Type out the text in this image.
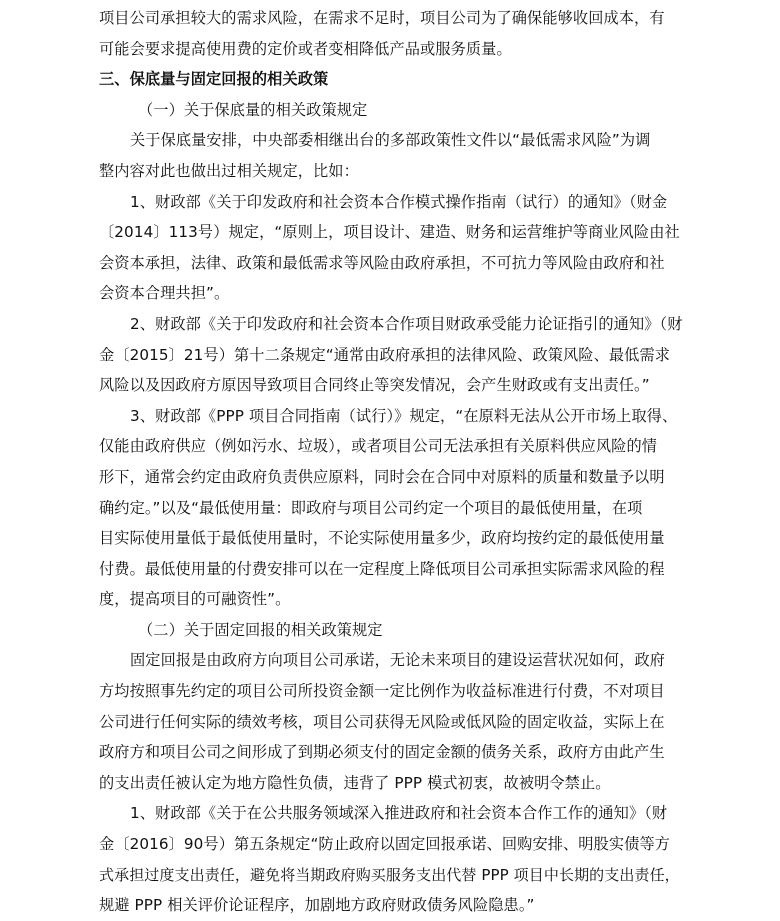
项目公司承担较大的需求风险，在需求不足时，项目公司为了确保能够收回成本，有
可能会要求提高使用费的定价或者变相降低产品或服务质量。
三、保底量与固定回报的相关政策
（一）关于保底量的相关政策规定
关于保底量安排，中央部委相继出台的多部政策性文件以“最低需求风险”为调
整内容对此也做出过相关规定，比如：
1、财政部《关于印发政府和社会资本合作模式操作指南（试行）的通知》（财金
〔2014〕113号）规定，“原则上，项目设计、建造、财务和运营维护等商业风险由社
会资本承担，法律、政策和最低需求等风险由政府承担，不可抗力等风险由政府和社
会资本合理共担”。
2、财政部《关于印发政府和社会资本合作项目财政承受能力论证指引的通知》（财
金〔2015〕21号）第十二条规定“通常由政府承担的法律风险、政策风险、最低需求
风险以及因政府方原因导致项目合同终止等突发情况，会产生财政或有支出责任。”
3、财政部《PPP 项目合同指南（试行）》规定，“在原料无法从公开市场上取得、
仅能由政府供应（例如污水、垃圾），或者项目公司无法承担有关原料供应风险的情
形下，通常会约定由政府负责供应原料，同时会在合同中对原料的质量和数量予以明
确约定。”以及“最低使用量：即政府与项目公司约定一个项目的最低使用量，在项
目实际使用量低于最低使用量时，不论实际使用量多少，政府均按约定的最低使用量
付费。最低使用量的付费安排可以在一定程度上降低项目公司承担实际需求风险的程
度，提高项目的可融资性”。
（二）关于固定回报的相关政策规定
固定回报是由政府方向项目公司承诺，无论未来项目的建设运营状况如何，政府
方均按照事先约定的项目公司所投资金额一定比例作为收益标准进行付费，不对项目
公司进行任何实际的绩效考核，项目公司获得无风险或低风险的固定收益，实际上在
政府方和项目公司之间形成了到期必须支付的固定金额的债务关系，政府方由此产生
的支出责任被认定为地方隐性负债，违背了 PPP 模式初衷，故被明令禁止。
1、财政部《关于在公共服务领域深入推进政府和社会资本合作工作的通知》（财
金〔2016〕90号）第五条规定“防止政府以固定回报承诺、回购安排、明股实债等方
式承担过度支出责任，避免将当期政府购买服务支出代替 PPP 项目中长期的支出责任，
规避 PPP 相关评价论证程序，加剧地方政府财政债务风险隐患。”
